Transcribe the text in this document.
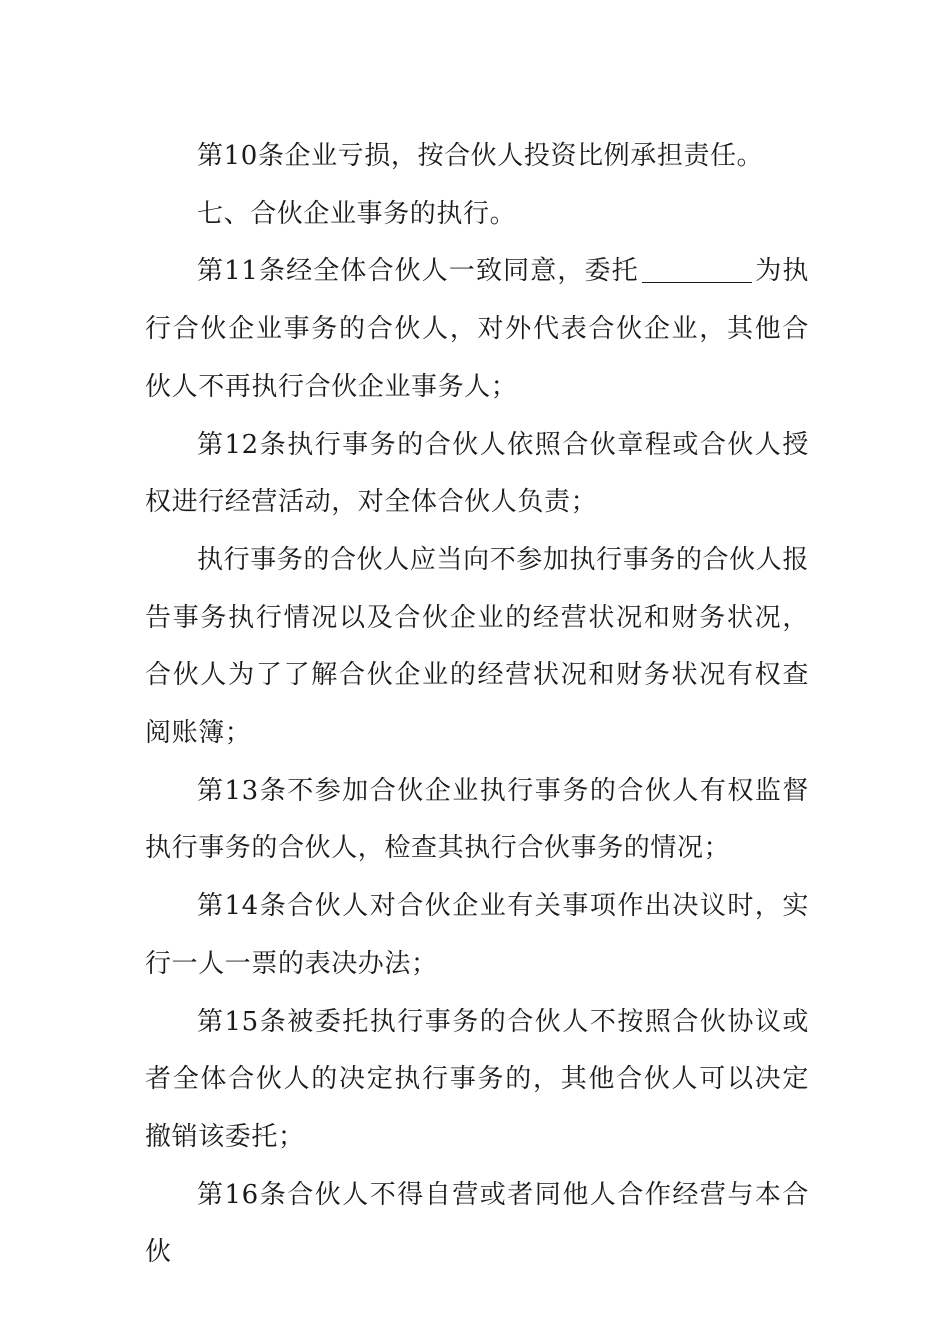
第10条企业亏损，按合伙人投资比例承担责任。

七、合伙企业事务的执行。

第11条经全体合伙人一致同意，委托	为执行合伙企业事务的合伙人，对外代表合伙企业，其他合伙人不再执行合伙企业事务人；

第12条执行事务的合伙人依照合伙章程或合伙人授权进行经营活动，对全体合伙人负责；

执行事务的合伙人应当向不参加执行事务的合伙人报告事务执行情况以及合伙企业的经营状况和财务状况，合伙人为了了解合伙企业的经营状况和财务状况有权查阅账簿；

第13条不参加合伙企业执行事务的合伙人有权监督执行事务的合伙人，检查其执行合伙事务的情况；

第14条合伙人对合伙企业有关事项作出决议时，实行一人一票的表决办法；

第15条被委托执行事务的合伙人不按照合伙协议或者全体合伙人的决定执行事务的，其他合伙人可以决定撤销该委托；

第16条合伙人不得自营或者同他人合作经营与本合伙
